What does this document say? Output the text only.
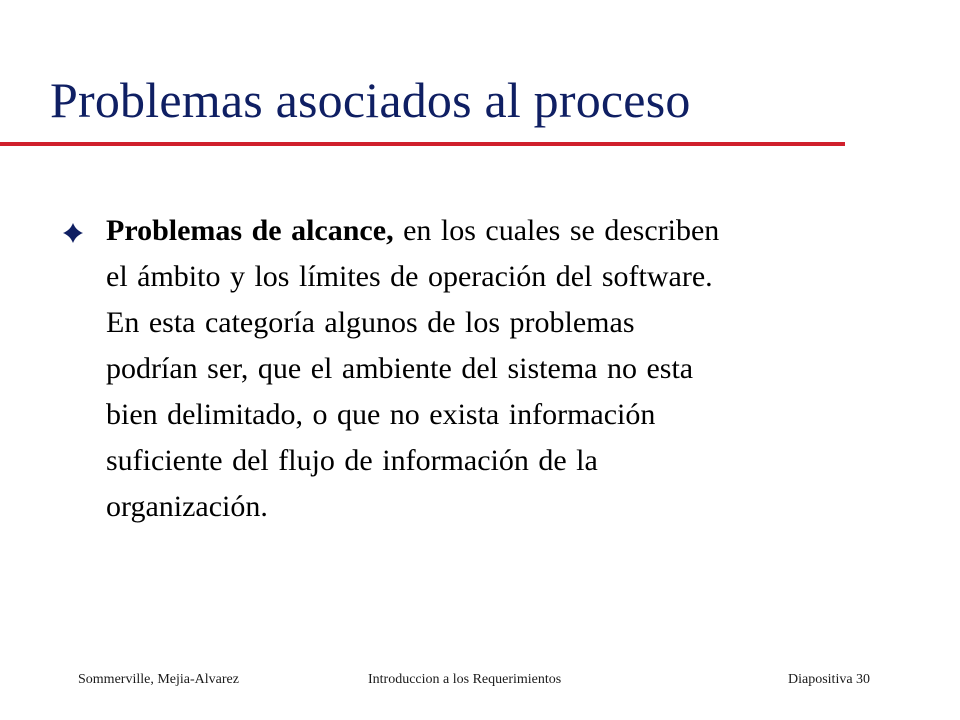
Problemas asociados al proceso
Problemas de alcance, en los cuales se describen
el ámbito y los límites de operación del software.
En esta categoría algunos de los problemas
podrían ser, que el ambiente del sistema no esta
bien delimitado, o que no exista información
suficiente del flujo de información de la
organización.
Sommerville, Mejia-Alvarez	Introduccion a los Requerimientos	Diapositiva 30
